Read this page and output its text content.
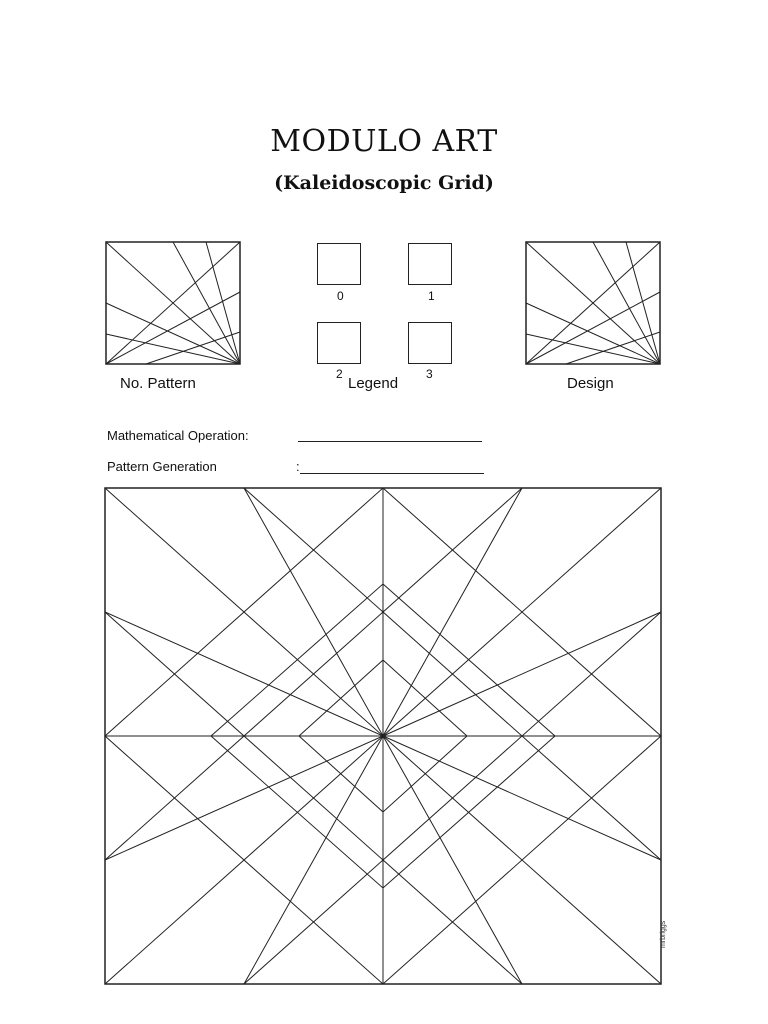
MODULO ART
(Kaleidoscopic Grid)
0	1
2	3
No. Pattern	Legend	Design
Mathematical Operation:
Pattern Generation	:
mrbriggs
